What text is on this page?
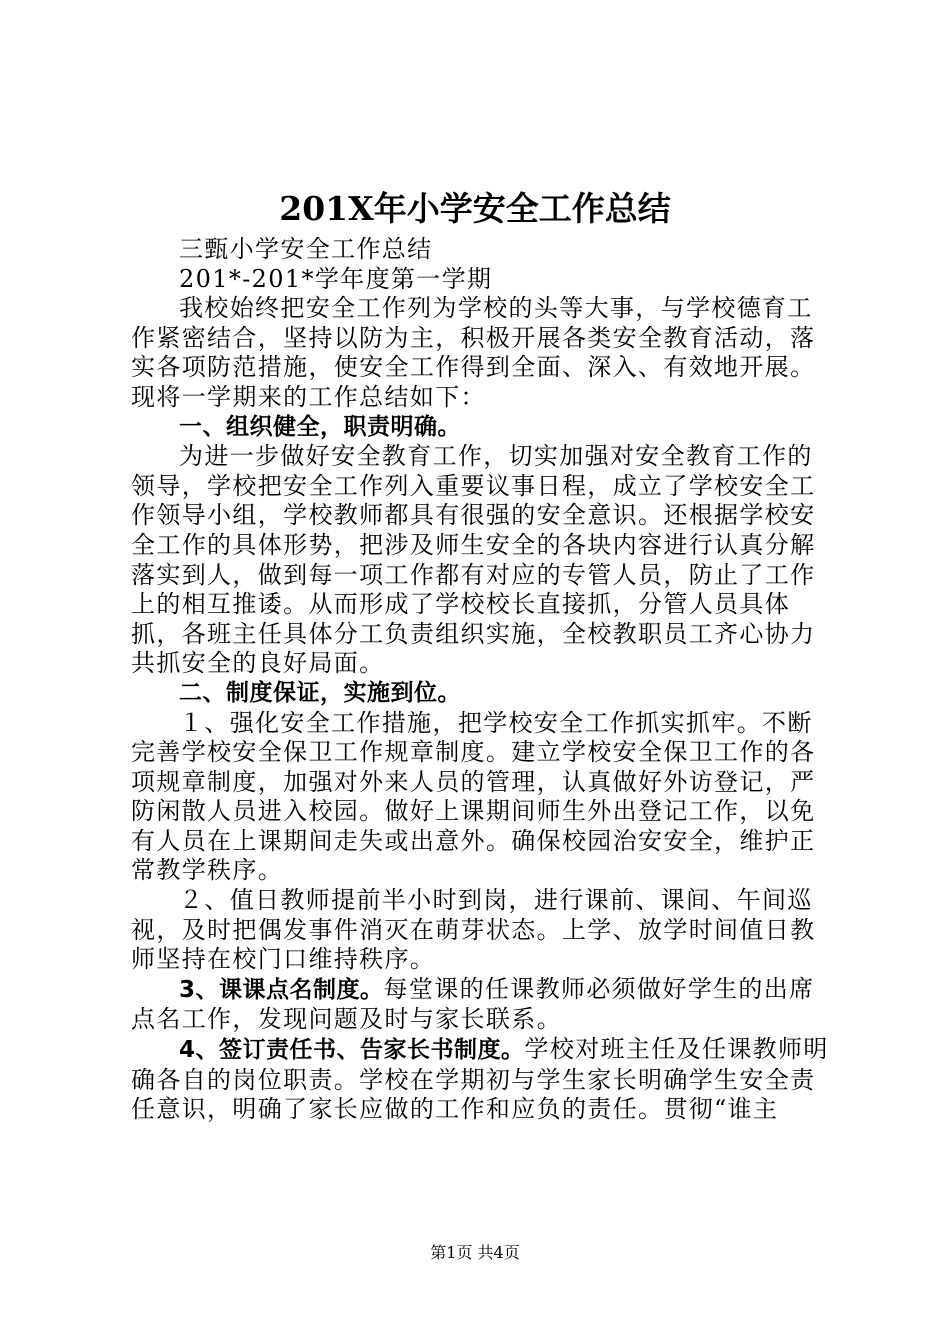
201X年小学安全工作总结

三甄小学安全工作总结

201*-201*学年度第一学期

我校始终把安全工作列为学校的头等大事，与学校德育工作紧密结合，坚持以防为主，积极开展各类安全教育活动，落实各项防范措施，使安全工作得到全面、深入、有效地开展。现将一学期来的工作总结如下：

一、组织健全，职责明确。

为进一步做好安全教育工作，切实加强对安全教育工作的领导，学校把安全工作列入重要议事日程，成立了学校安全工作领导小组，学校教师都具有很强的安全意识。还根据学校安全工作的具体形势，把涉及师生安全的各块内容进行认真分解落实到人，做到每一项工作都有对应的专管人员，防止了工作上的相互推诿。从而形成了学校校长直接抓，分管人员具体抓，各班主任具体分工负责组织实施，全校教职员工齐心协力共抓安全的良好局面。

二、制度保证，实施到位。

１、强化安全工作措施，把学校安全工作抓实抓牢。不断完善学校安全保卫工作规章制度。建立学校安全保卫工作的各项规章制度，加强对外来人员的管理，认真做好外访登记，严防闲散人员进入校园。做好上课期间师生外出登记工作，以免有人员在上课期间走失或出意外。确保校园治安安全，维护正常教学秩序。

２、值日教师提前半小时到岗，进行课前、课间、午间巡视，及时把偶发事件消灭在萌芽状态。上学、放学时间值日教师坚持在校门口维持秩序。

3、课课点名制度。每堂课的任课教师必须做好学生的出席点名工作，发现问题及时与家长联系。

4、签订责任书、告家长书制度。学校对班主任及任课教师明确各自的岗位职责。学校在学期初与学生家长明确学生安全责任意识，明确了家长应做的工作和应负的责任。贯彻“谁主

第1页 共4页
